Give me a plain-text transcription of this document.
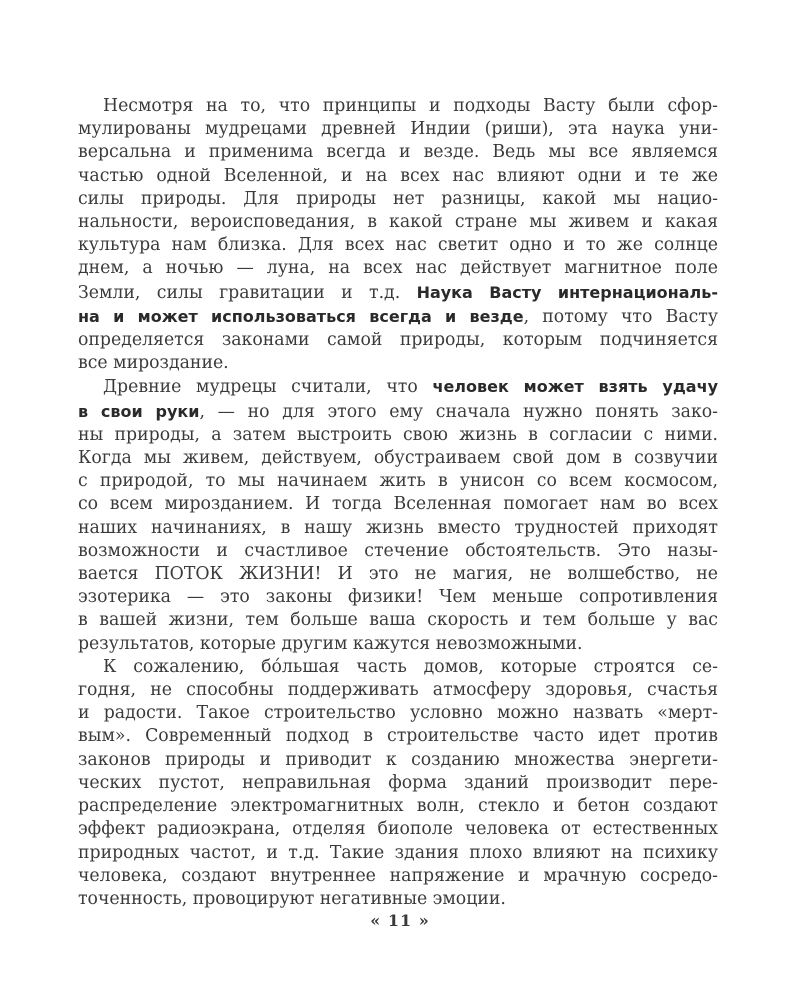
Несмотря на то, что принципы и подходы Васту были сфор-
мулированы мудрецами древней Индии (риши), эта наука уни-
версальна и применима всегда и везде. Ведь мы все являемся
частью одной Вселенной, и на всех нас влияют одни и те же
силы природы. Для природы нет разницы, какой мы нацио-
нальности, вероисповедания, в какой стране мы живем и какая
культура нам близка. Для всех нас светит одно и то же солнце
днем, а ночью — луна, на всех нас действует магнитное поле
Земли, силы гравитации и т.д. Наука Васту интернациональ-
на и может использоваться всегда и везде, потому что Васту
определяется законами самой природы, которым подчиняется
все мироздание.
Древние мудрецы считали, что человек может взять удачу
в свои руки, — но для этого ему сначала нужно понять зако-
ны природы, а затем выстроить свою жизнь в согласии с ними.
Когда мы живем, действуем, обустраиваем свой дом в созвучии
с природой, то мы начинаем жить в унисон со всем космосом,
со всем мирозданием. И тогда Вселенная помогает нам во всех
наших начинаниях, в нашу жизнь вместо трудностей приходят
возможности и счастливое стечение обстоятельств. Это назы-
вается ПОТОК ЖИЗНИ! И это не магия, не волшебство, не
эзотерика — это законы физики! Чем меньше сопротивления
в вашей жизни, тем больше ваша скорость и тем больше у вас
результатов, которые другим кажутся невозможными.
К сожалению, бóльшая часть домов, которые строятся се-
годня, не способны поддерживать атмосферу здоровья, счастья
и радости. Такое строительство условно можно назвать «мерт-
вым». Современный подход в строительстве часто идет против
законов природы и приводит к созданию множества энергети-
ческих пустот, неправильная форма зданий производит пере-
распределение электромагнитных волн, стекло и бетон создают
эффект радиоэкрана, отделяя биополе человека от естественных
природных частот, и т.д. Такие здания плохо влияют на психику
человека, создают внутреннее напряжение и мрачную сосредо-
точенность, провоцируют негативные эмоции.
« 11 »
